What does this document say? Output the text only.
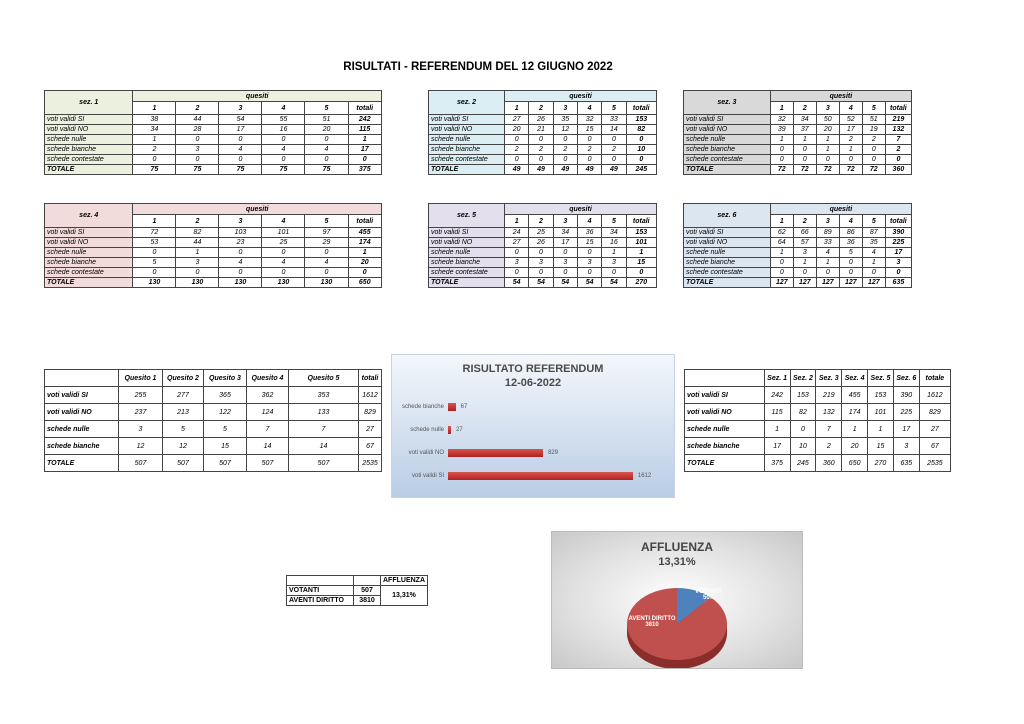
RISULTATI - REFERENDUM DEL 12 GIUGNO 2022
sez. 1	quesiti					
	1	2	3	4	5	totali
voti validi SI	38	44	54	55	51	242
voti validi NO	34	28	17	16	20	115
schede nulle	1	0	0	0	0	1
schede bianche	2	3	4	4	4	17
schede contestate	0	0	0	0	0	0
TOTALE	75	75	75	75	75	375
sez. 2	quesiti					
	1	2	3	4	5	totali
voti validi SI	27	26	35	32	33	153
voti validi NO	20	21	12	15	14	82
schede nulle	0	0	0	0	0	0
schede bianche	2	2	2	2	2	10
schede contestate	0	0	0	0	0	0
TOTALE	49	49	49	49	49	245
sez. 3	quesiti					
	1	2	3	4	5	totali
voti validi SI	32	34	50	52	51	219
voti validi NO	39	37	20	17	19	132
schede nulle	1	1	1	2	2	7
schede bianche	0	0	1	1	0	2
schede contestate	0	0	0	0	0	0
TOTALE	72	72	72	72	72	360
sez. 4	quesiti					
	1	2	3	4	5	totali
voti validi SI	72	82	103	101	97	455
voti validi NO	53	44	23	25	29	174
schede nulle	0	1	0	0	0	1
schede bianche	5	3	4	4	4	20
schede contestate	0	0	0	0	0	0
TOTALE	130	130	130	130	130	650
sez. 5	quesiti					
	1	2	3	4	5	totali
voti validi SI	24	25	34	36	34	153
voti validi NO	27	26	17	15	16	101
schede nulle	0	0	0	0	1	1
schede bianche	3	3	3	3	3	15
schede contestate	0	0	0	0	0	0
TOTALE	54	54	54	54	54	270
sez. 6	quesiti					
	1	2	3	4	5	totali
voti validi SI	62	66	89	86	87	390
voti validi NO	64	57	33	36	35	225
schede nulle	1	3	4	5	4	17
schede bianche	0	1	1	0	1	3
schede contestate	0	0	0	0	0	0
TOTALE	127	127	127	127	127	635
	Quesito 1	Quesito 2	Quesito 3	Quesito 4	Quesito 5	totali
voti validi SI	255	277	365	362	353	1612
voti validi NO	237	213	122	124	133	829
schede nulle	3	5	5	7	7	27
schede bianche	12	12	15	14	14	67
TOTALE	507	507	507	507	507	2535
	Sez. 1	Sez. 2	Sez. 3	Sez. 4	Sez. 5	Sez. 6	totale
voti validi SI	242	153	219	455	153	390	1612
voti validi NO	115	82	132	174	101	225	829
schede nulle	1	0	7	1	1	17	27
schede bianche	17	10	2	20	15	3	67
TOTALE	375	245	360	650	270	635	2535
RISULTATO REFERENDUM
12-06-2022
schede bianche	67
schede nulle 27
voti validi NO	829
voti validi SI	1612
		AFFLUENZA
VOTANTI	507	13,31%
AVENTI DIRITTO	3810	
AFFLUENZA
13,31%
VOTANTI
507
AVENTI DIRITTO
3810
